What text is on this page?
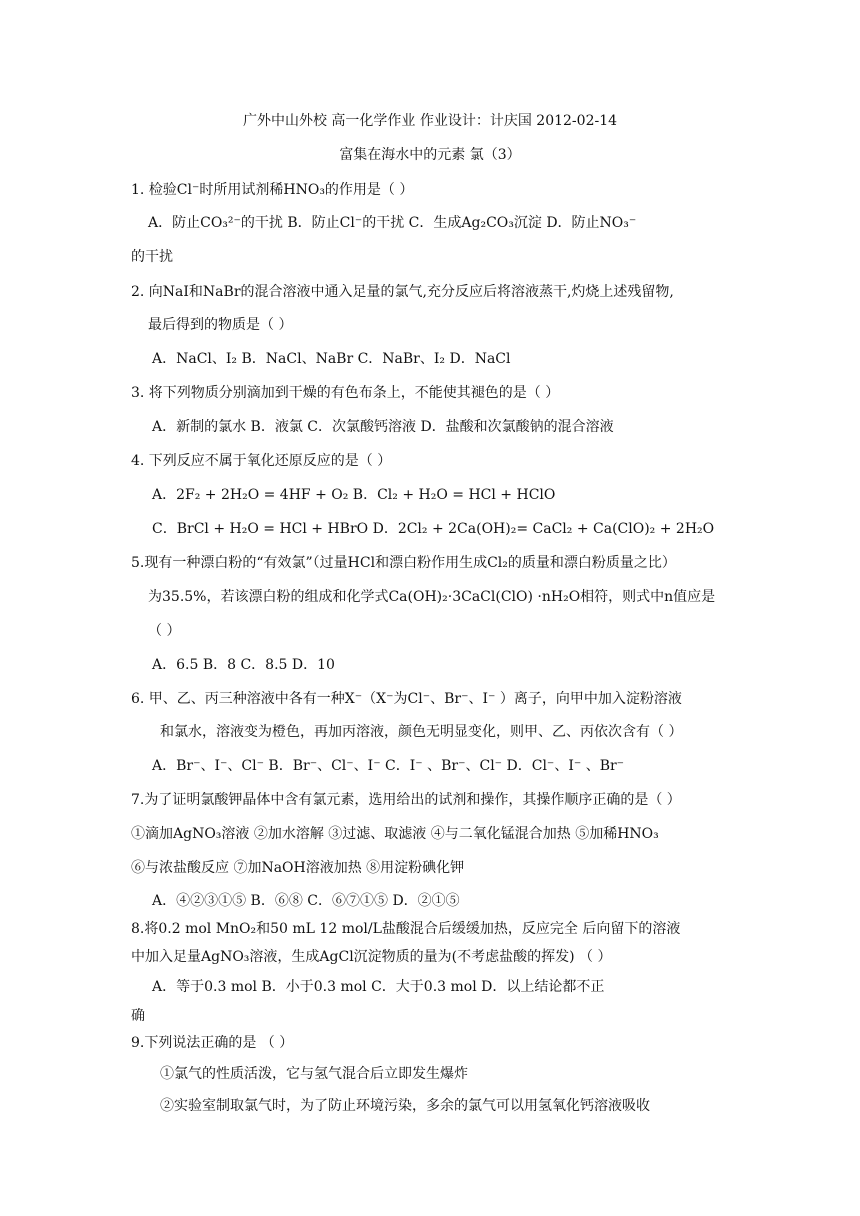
广外中山外校 高一化学作业 作业设计：计庆国 2012-02-14
富集在海水中的元素 氯（3）
1. 检验Cl⁻时所用试剂稀HNO₃的作用是（ ）
A．防止CO₃²⁻的干扰 B．防止Cl⁻的干扰 C．生成Ag₂CO₃沉淀 D．防止NO₃⁻
的干扰
2. 向NaI和NaBr的混合溶液中通入足量的氯气,充分反应后将溶液蒸干,灼烧上述残留物,
最后得到的物质是（ ）
A．NaCl、I₂ B．NaCl、NaBr C．NaBr、I₂ D．NaCl
3. 将下列物质分别滴加到干燥的有色布条上，不能使其褪色的是（ ）
A．新制的氯水 B．液氯 C．次氯酸钙溶液 D．盐酸和次氯酸钠的混合溶液
4. 下列反应不属于氧化还原反应的是（ ）
A．2F₂ + 2H₂O = 4HF + O₂ B．Cl₂ + H₂O = HCl + HClO
C．BrCl + H₂O = HCl + HBrO D．2Cl₂ + 2Ca(OH)₂= CaCl₂ + Ca(ClO)₂ + 2H₂O
5.现有一种漂白粉的“有效氯”（过量HCl和漂白粉作用生成Cl₂的质量和漂白粉质量之比）
为35.5%，若该漂白粉的组成和化学式Ca(OH)₂·3CaCl(ClO) ·nH₂O相符，则式中n值应是
（ ）
A．6.5 B．8 C．8.5 D．10
6. 甲、乙、丙三种溶液中各有一种X⁻（X⁻为Cl⁻、Br⁻、I⁻ ）离子，向甲中加入淀粉溶液
和氯水，溶液变为橙色，再加丙溶液，颜色无明显变化，则甲、乙、丙依次含有（ ）
A．Br⁻、I⁻、Cl⁻ B．Br⁻、Cl⁻、I⁻ C．I⁻ 、Br⁻、Cl⁻ D．Cl⁻、I⁻ 、Br⁻
7.为了证明氯酸钾晶体中含有氯元素，选用给出的试剂和操作，其操作顺序正确的是（ ）
①滴加AgNO₃溶液 ②加水溶解 ③过滤、取滤液 ④与二氧化锰混合加热 ⑤加稀HNO₃
⑥与浓盐酸反应 ⑦加NaOH溶液加热 ⑧用淀粉碘化钾
A．④②③①⑤ B．⑥⑧ C．⑥⑦①⑤ D．②①⑤
8.将0.2 mol MnO₂和50 mL 12 mol/L盐酸混合后缓缓加热，反应完全 后向留下的溶液
中加入足量AgNO₃溶液，生成AgCl沉淀物质的量为(不考虑盐酸的挥发) （ ）
A．等于0.3 mol B．小于0.3 mol C．大于0.3 mol D．以上结论都不正
确
9.下列说法正确的是 （ ）
①氯气的性质活泼，它与氢气混合后立即发生爆炸
②实验室制取氯气时，为了防止环境污染，多余的氯气可以用氢氧化钙溶液吸收
